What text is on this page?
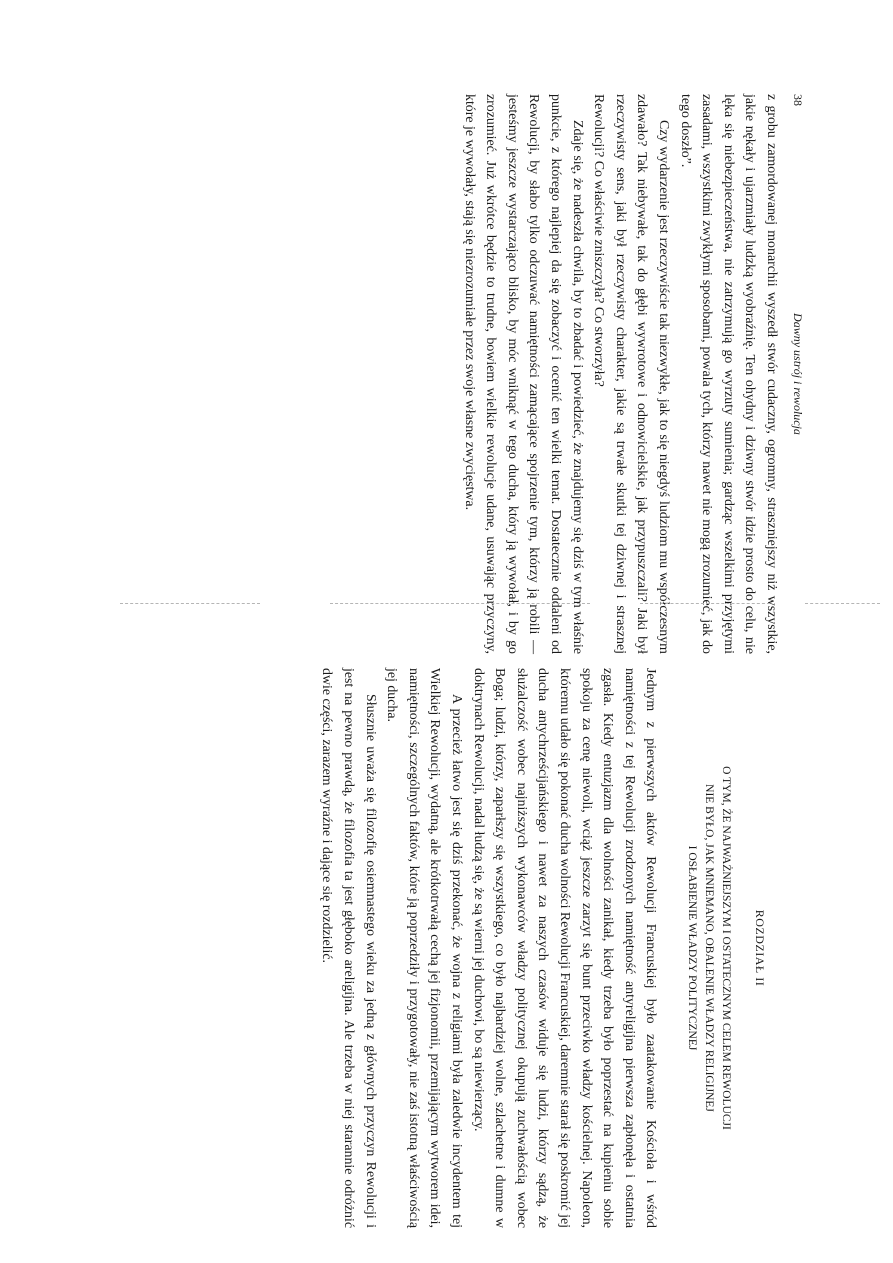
38
Dawny ustrój i rewolucja

z grobu zamordowanej monarchii wyszedł stwór cudaczny, ogromny, straszniejszy niż wszystkie, jakie nękały i ujarzmiały ludzką wyobraźnię. Ten ohydny i dziwny stwór idzie prosto do celu, nie lęka się niebezpieczeństwa, nie zatrzymują go wyrzuty sumienia; gardząc wszelkimi przyjętymi zasadami, wszystkimi zwykłymi sposobami, powala tych, którzy nawet nie mogą zrozumieć, jak do tego doszło”.

Czy wydarzenie jest rzeczywiście tak niezwykłe, jak to się niegdyś ludziom mu współczesnym zdawało? Tak niebywałe, tak do głębi wywrotowe i odnowicielskie, jak przypuszczali? Jaki był rzeczywisty sens, jaki był rzeczywisty charakter, jakie są trwałe skutki tej dziwnej i strasznej Rewolucji? Co właściwie zniszczyła? Co stworzyła?

Zdaje się, że nadeszła chwila, by to zbadać i powiedzieć, że znajdujemy się dziś w tym właśnie punkcie, z którego najlepiej da się zobaczyć i ocenić ten wielki temat. Dostatecznie oddaleni od Rewolucji, by słabo tylko odczuwać namiętności zamącające spojrzenie tym, którzy ją robili — jesteśmy jeszcze wystarczająco blisko, by móc wniknąć w tego ducha, który ją wywołał, i by go zrozumieć. Już wkrótce będzie to trudne, bowiem wielkie rewolucje udane, usuwając przyczyny, które je wywołały, stają się niezrozumiałe przez swoje własne zwycięstwa.

ROZDZIAŁ II
O TYM, ŻE NAJWAŻNIEJSZYM I OSTATECZNYM CELEM REWOLUCJI
NIE BYŁO, JAK MNIEMANO, OBALENIE WŁADZY RELIGIJNEJ
I OSŁABIENIE WŁADZY POLITYCZNEJ

Jednym z pierwszych aktów Rewolucji Francuskiej było zaatakowanie Kościoła i wśród namiętności z tej Rewolucji zrodzonych namiętność antyreligijna pierwsza zapłonęła i ostatnia zgasła. Kiedy entuzjazm dla wolności zanikał, kiedy trzeba było poprzestać na kupieniu sobie spokoju za cenę niewoli, wciąż jeszcze zarzyt się bunt przeciwko władzy kościelnej. Napoleon, któremu udało się pokonać ducha wolności Rewolucji Francuskiej, daremnie starał się poskromić jej ducha antychrześcijańskiego i nawet za naszych czasów widuje się ludzi, którzy sądzą, że służalczość wobec najniższych wykonawców władzy politycznej okupują zuchwałością wobec Boga; ludzi, którzy, zaparłszy się wszystkiego, co było najbardziej wolne, szlachetne i dumne w doktrynach Rewolucji, nadal łudzą się, że są wierni jej duchowi, bo są niewierzący.

A przecież łatwo jest się dziś przekonać, że wojna z religiami była zaledwie incydentem tej Wielkiej Rewolucji, wydatną, ale krótkotrwałą cechą jej fizjonomii, przemijającym wytworem idei, namiętności, szczególnych faktów, które ją poprzedziły i przygotowały, nie zaś istotną właściwością jej ducha.

Słusznie uważa się filozofię osiemnastego wieku za jedną z głównych przyczyn Rewolucji i jest na pewno prawdą, że filozofia ta jest głęboko areligijna. Ale trzeba w niej starannie odróżnić dwie części, zarazem wyraźne i dające się rozdzielić.
